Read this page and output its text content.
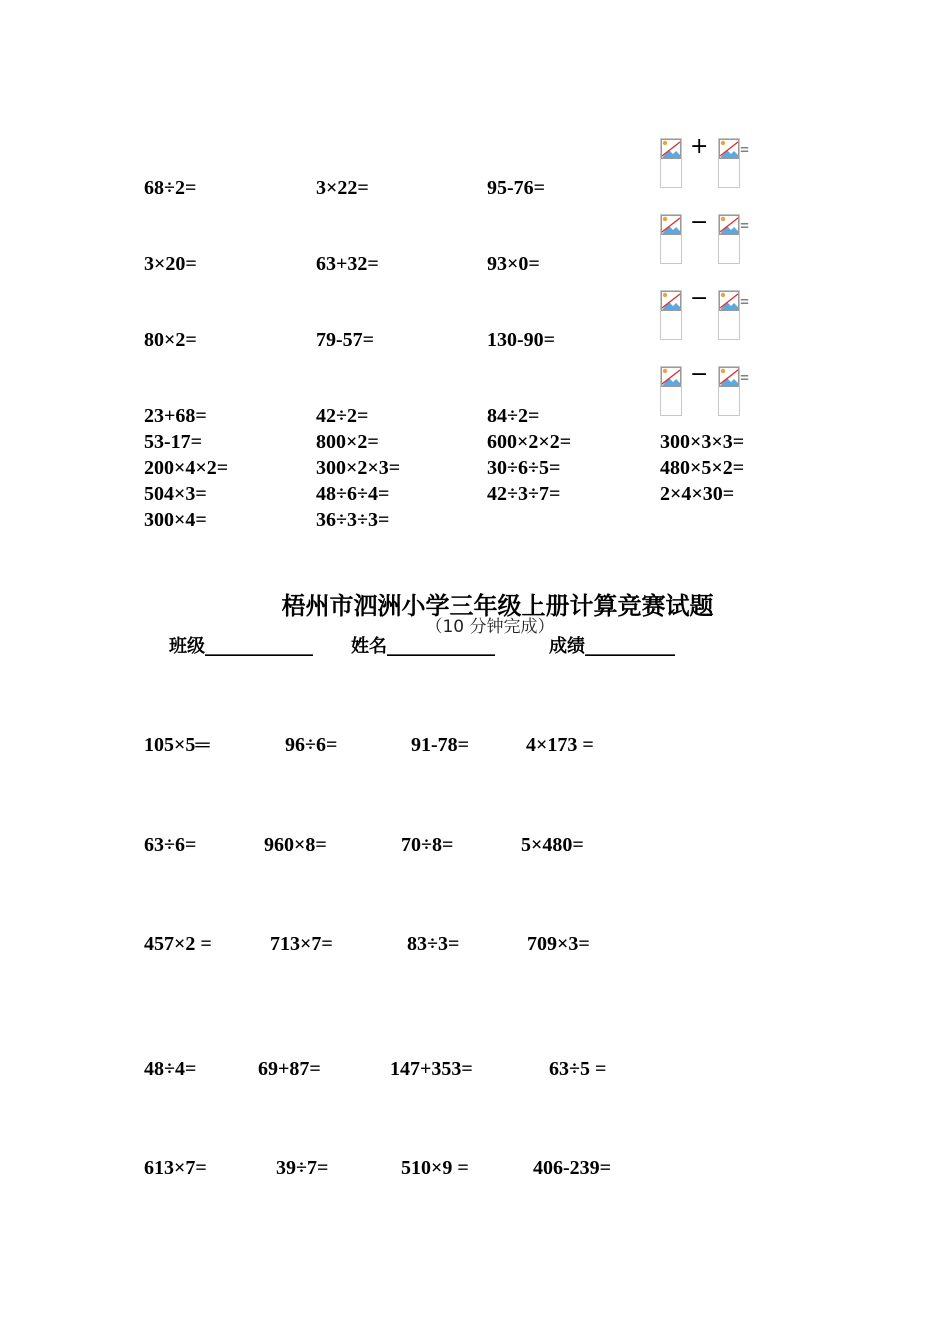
68÷2=	3×22=	95-76=
3×20=	63+32=	93×0=
80×2=	79-57=	130-90=
23+68=	42÷2=	84÷2=
53-17=	800×2=	600×2×2=	300×3×3=
200×4×2=	300×2×3=	30÷6÷5=	480×5×2=
504×3=	48÷6÷4=	42÷3÷7=	2×4×30=
300×4=	36÷3÷3=
+ =
− =
− =
− =
梧州市泗洲小学三年级上册计算竞赛试题
（10 分钟完成）
班级____________ 姓名____________	成绩__________
105×5═	96÷6=	91-78=	4×173 =
63÷6=	960×8=	70÷8=	5×480=
457×2 =	713×7=	83÷3=	709×3=
48÷4=	69+87=	147+353=	63÷5 =
613×7=	39÷7=	510×9 =	406-239=
